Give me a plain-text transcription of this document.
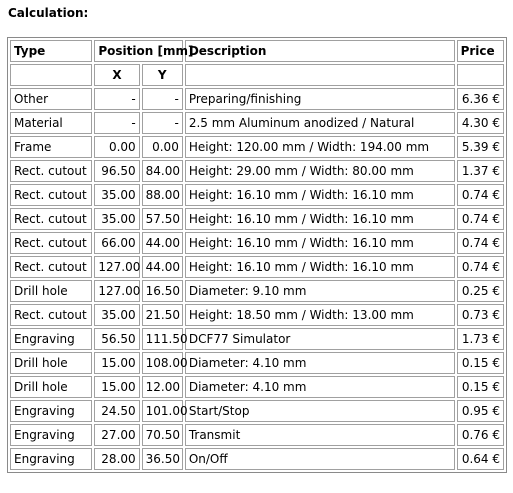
Calculation:
Type	Position [mm]		Description	Price
	X	Y		
Other	-	-	Preparing/finishing	6.36 €
Material	-	-	2.5 mm Aluminum anodized / Natural	4.30 €
Frame	0.00	0.00	Height: 120.00 mm / Width: 194.00 mm	5.39 €
Rect. cutout	96.50	84.00	Height: 29.00 mm / Width: 80.00 mm	1.37 €
Rect. cutout	35.00	88.00	Height: 16.10 mm / Width: 16.10 mm	0.74 €
Rect. cutout	35.00	57.50	Height: 16.10 mm / Width: 16.10 mm	0.74 €
Rect. cutout	66.00	44.00	Height: 16.10 mm / Width: 16.10 mm	0.74 €
Rect. cutout	127.00	44.00	Height: 16.10 mm / Width: 16.10 mm	0.74 €
Drill hole	127.00	16.50	Diameter: 9.10 mm	0.25 €
Rect. cutout	35.00	21.50	Height: 18.50 mm / Width: 13.00 mm	0.73 €
Engraving	56.50	111.50	DCF77 Simulator	1.73 €
Drill hole	15.00	108.00	Diameter: 4.10 mm	0.15 €
Drill hole	15.00	12.00	Diameter: 4.10 mm	0.15 €
Engraving	24.50	101.00	Start/Stop	0.95 €
Engraving	27.00	70.50	Transmit	0.76 €
Engraving	28.00	36.50	On/Off	0.64 €
